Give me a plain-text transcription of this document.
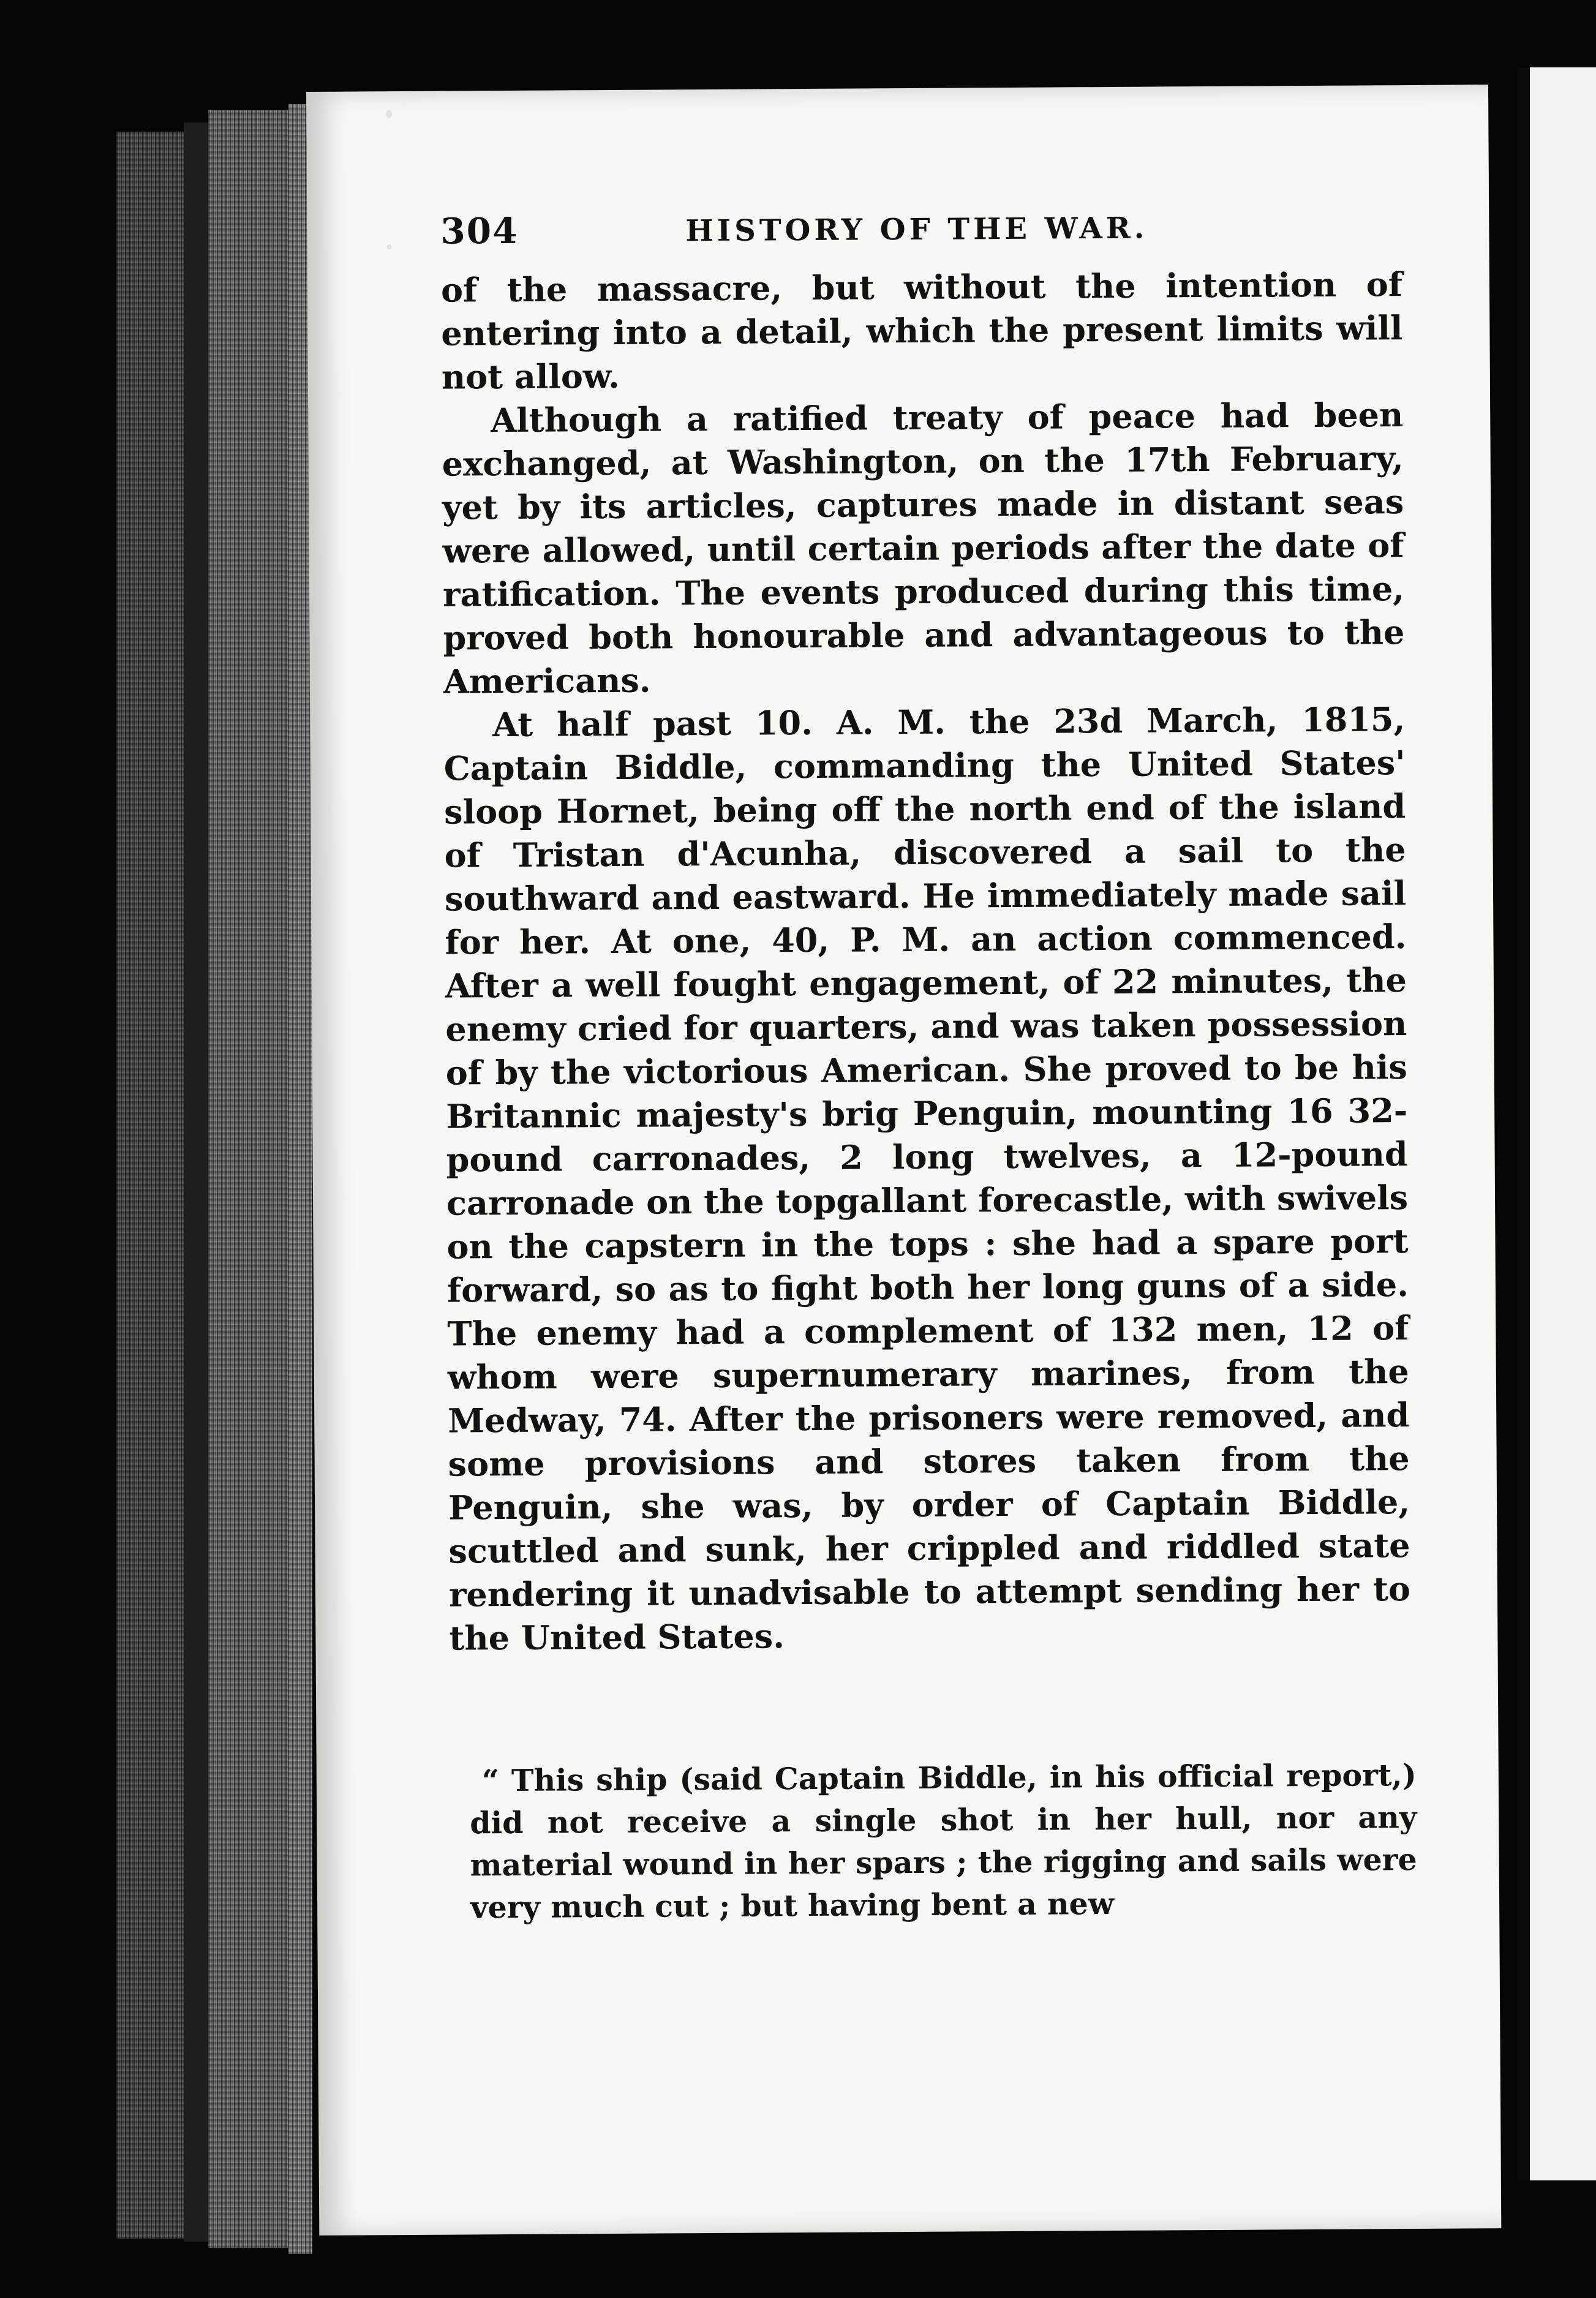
304	HISTORY OF THE WAR.

of the massacre, but without the intention of entering into a detail, which the present limits will not allow.

Although a ratified treaty of peace had been exchanged, at Washington, on the 17th February, yet by its articles, captures made in distant seas were allowed, until certain periods after the date of ratification. The events produced during this time, proved both honourable and advantageous to the Americans.

At half past 10. A. M. the 23d March, 1815, Captain Biddle, commanding the United States' sloop Hornet, being off the north end of the island of Tristan d'Acunha, discovered a sail to the southward and eastward. He immediately made sail for her. At one, 40, P. M. an action commenced. After a well fought engagement, of 22 minutes, the enemy cried for quarters, and was taken possession of by the victorious American. She proved to be his Britannic majesty's brig Penguin, mounting 16 32-pound carronades, 2 long twelves, a 12-pound carronade on the topgallant forecastle, with swivels on the capstern in the tops : she had a spare port forward, so as to fight both her long guns of a side. The enemy had a complement of 132 men, 12 of whom were supernumerary marines, from the Medway, 74. After the prisoners were removed, and some provisions and stores taken from the Penguin, she was, by order of Captain Biddle, scuttled and sunk, her crippled and riddled state rendering it unadvisable to attempt sending her to the United States.

“ This ship (said Captain Biddle, in his official report,) did not receive a single shot in her hull, nor any material wound in her spars ; the rigging and sails were very much cut ; but having bent a new
